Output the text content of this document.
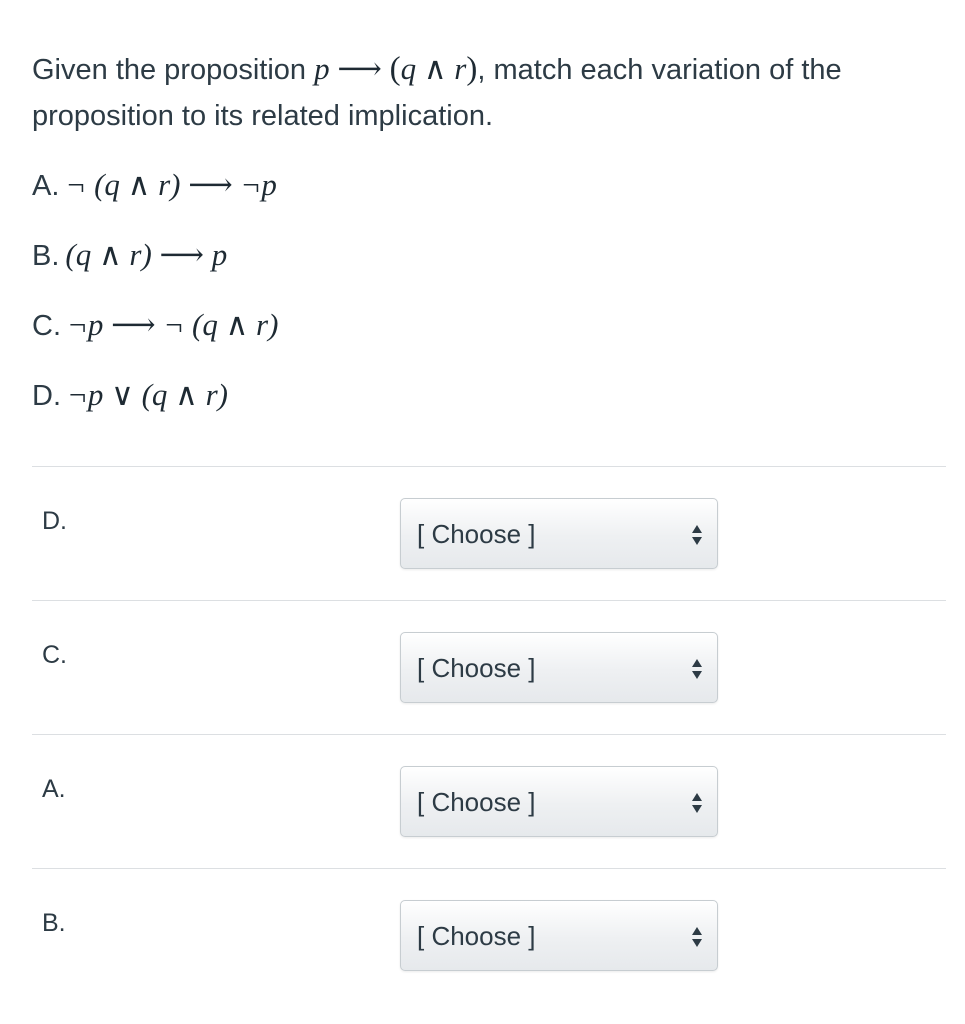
Given the proposition p ⟶ (q ∧ r), match each variation of the
proposition to its related implication.
A. ¬ (q ∧ r) ⟶ ¬p
B. (q ∧ r) ⟶ p
C. ¬p ⟶ ¬ (q ∧ r)
D. ¬p ∨ (q ∧ r)
D.	[ Choose ]
C.	[ Choose ]
A.	[ Choose ]
B.	[ Choose ]
